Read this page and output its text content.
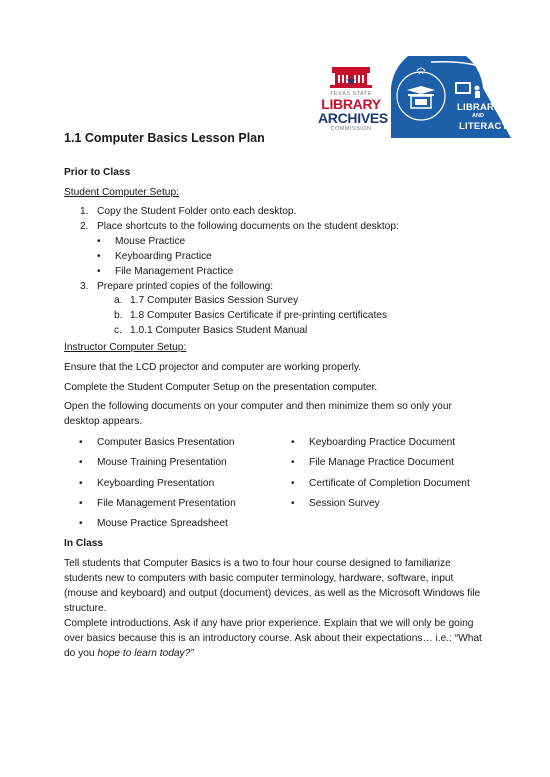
TEXAS STATE
LIBRARY
ARCHIVES
COMMISSION
LIBRARIES
AND
LITERACY
1.1 Computer Basics Lesson Plan
Prior to Class
Student Computer Setup:
1. Copy the Student Folder onto each desktop.
2. Place shortcuts to the following documents on the student desktop:
• Mouse Practice
• Keyboarding Practice
• File Management Practice
3. Prepare printed copies of the following:
a. 1.7 Computer Basics Session Survey
b. 1.8 Computer Basics Certificate if pre-printing certificates
c. 1.0.1 Computer Basics Student Manual
Instructor Computer Setup:
Ensure that the LCD projector and computer are working properly.
Complete the Student Computer Setup on the presentation computer.
Open the following documents on your computer and then minimize them so only your desktop appears.
• Computer Basics Presentation
• Mouse Training Presentation
• Keyboarding Presentation
• File Management Presentation
• Mouse Practice Spreadsheet
• Keyboarding Practice Document
• File Manage Practice Document
• Certificate of Completion Document
• Session Survey
In Class
Tell students that Computer Basics is a two to four hour course designed to familiarize students new to computers with basic computer terminology, hardware, software, input (mouse and keyboard) and output (document) devices, as well as the Microsoft Windows file structure.
Complete introductions. Ask if any have prior experience. Explain that we will only be going over basics because this is an introductory course. Ask about their expectations… i.e.: “What do you hope to learn today?”
